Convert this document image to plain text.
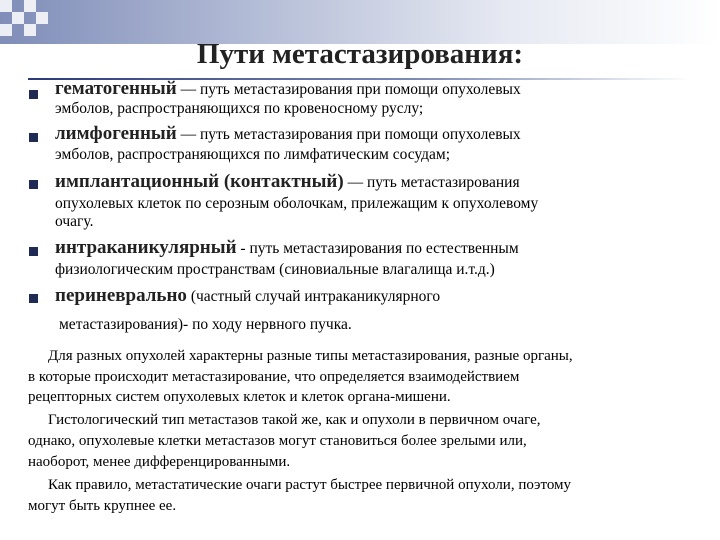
Пути метастазирования:
гематогенный — путь метастазирования при помощи опухолевых
эмболов, распространяющихся по кровеносному руслу;
лимфогенный — путь метастазирования при помощи опухолевых
эмболов, распространяющихся по лимфатическим сосудам;
имплантационный (контактный) — путь метастазирования
опухолевых клеток по серозным оболочкам, прилежащим к опухолевому
очагу.
интраканикулярный - путь метастазирования по естественным
физиологическим пространствам (синовиальные влагалища и.т.д.)
периневрально (частный случай интраканикулярного
метастазирования)- по ходу нервного пучка.
Для разных опухолей характерны разные типы метастазирования, разные органы,
в которые происходит метастазирование, что определяется взаимодействием
рецепторных систем опухолевых клеток и клеток органа-мишени.
Гистологический тип метастазов такой же, как и опухоли в первичном очаге,
однако, опухолевые клетки метастазов могут становиться более зрелыми или,
наоборот, менее дифференцированными.
Как правило, метастатические очаги растут быстрее первичной опухоли, поэтому
могут быть крупнее ее.
